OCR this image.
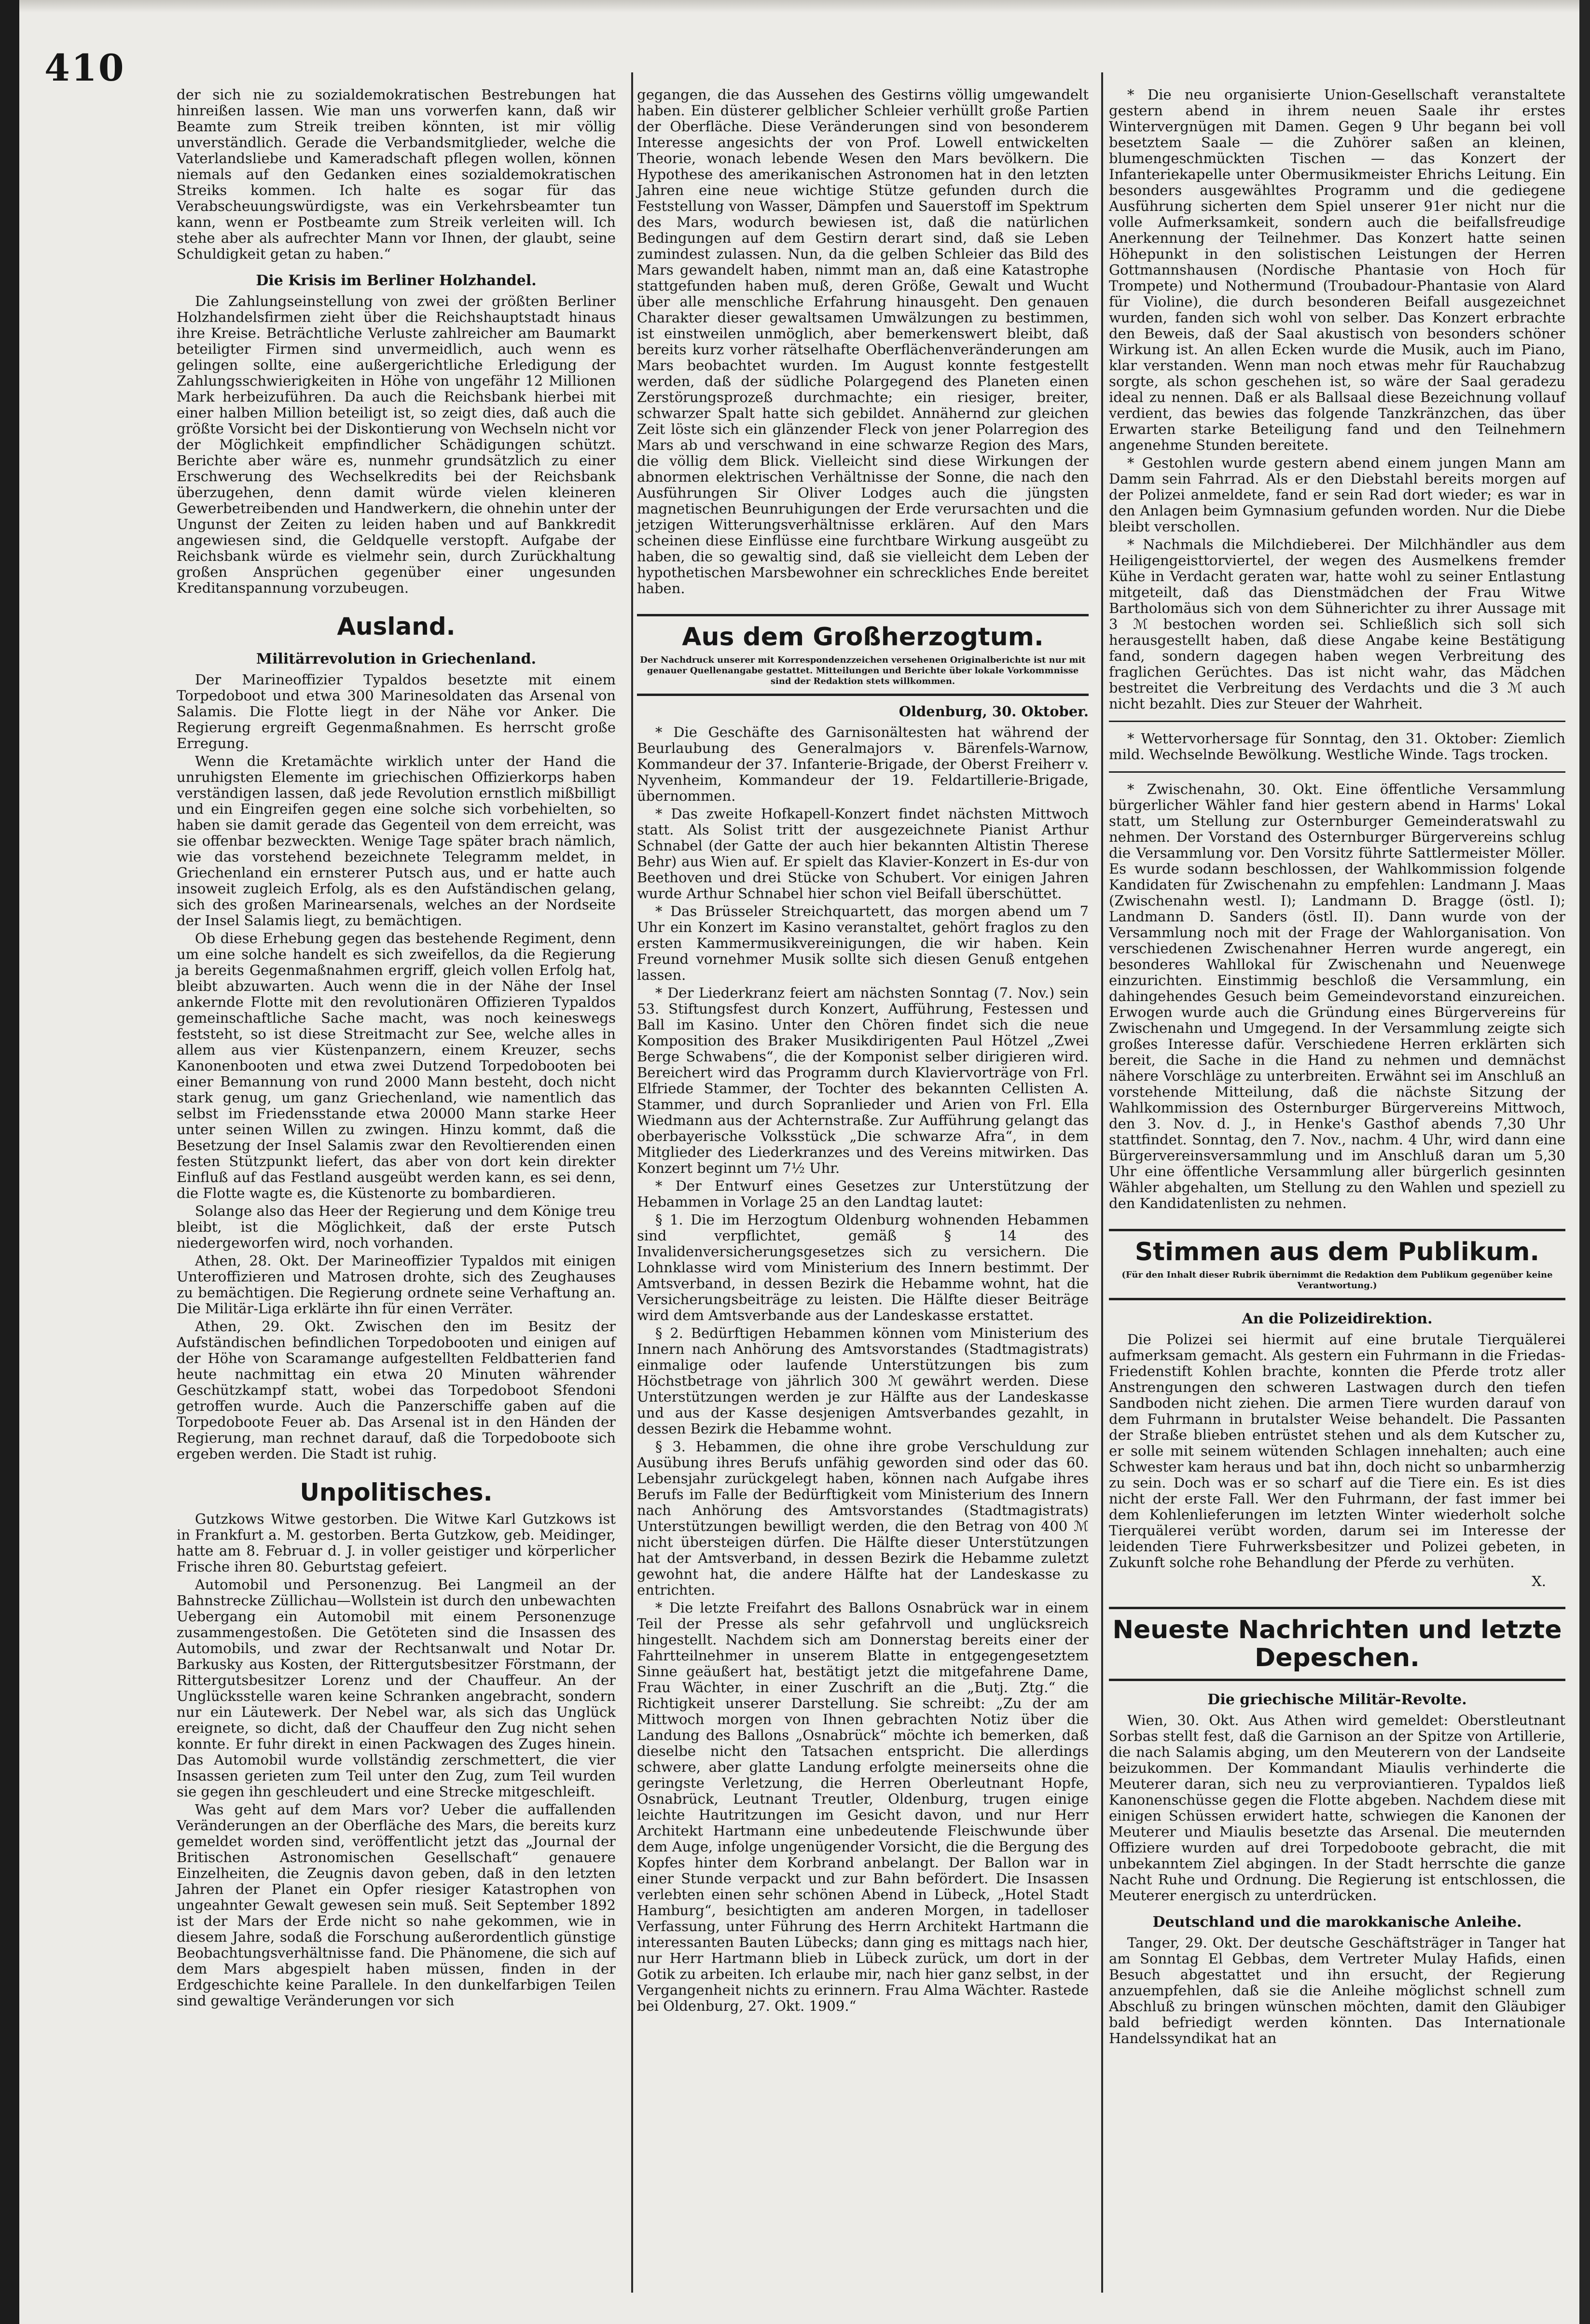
410

der sich nie zu sozialdemokratischen Bestrebungen hat hinreißen lassen. Wie man uns vorwerfen kann, daß wir Beamte zum Streik treiben könnten, ist mir völlig unverständlich. Gerade die Verbandsmitglieder, welche die Vaterlandsliebe und Kameradschaft pflegen wollen, können niemals auf den Gedanken eines sozialdemokratischen Streiks kommen. Ich halte es sogar für das Verabscheuungswürdigste, was ein Verkehrsbeamter tun kann, wenn er Postbeamte zum Streik verleiten will. Ich stehe aber als aufrechter Mann vor Ihnen, der glaubt, seine Schuldigkeit getan zu haben.“

Die Krisis im Berliner Holzhandel.

Die Zahlungseinstellung von zwei der größten Berliner Holzhandelsfirmen zieht über die Reichshauptstadt hinaus ihre Kreise. Beträchtliche Verluste zahlreicher am Baumarkt beteiligter Firmen sind unvermeidlich, auch wenn es gelingen sollte, eine außergerichtliche Erledigung der Zahlungsschwierigkeiten in Höhe von ungefähr 12 Millionen Mark herbeizuführen. Da auch die Reichsbank hierbei mit einer halben Million beteiligt ist, so zeigt dies, daß auch die größte Vorsicht bei der Diskontierung von Wechseln nicht vor der Möglichkeit empfindlicher Schädigungen schützt. Berichte aber wäre es, nunmehr grundsätzlich zu einer Erschwerung des Wechselkredits bei der Reichsbank überzugehen, denn damit würde vielen kleineren Gewerbetreibenden und Handwerkern, die ohnehin unter der Ungunst der Zeiten zu leiden haben und auf Bankkredit angewiesen sind, die Geldquelle verstopft. Aufgabe der Reichsbank würde es vielmehr sein, durch Zurückhaltung großen Ansprüchen gegenüber einer ungesunden Kreditanspannung vorzubeugen.

Ausland.
Militärrevolution in Griechenland.

Der Marineoffizier Typaldos besetzte mit einem Torpedoboot und etwa 300 Marinesoldaten das Arsenal von Salamis. Die Flotte liegt in der Nähe vor Anker. Die Regierung ergreift Gegenmaßnahmen. Es herrscht große Erregung.

Wenn die Kretamächte wirklich unter der Hand die unruhigsten Elemente im griechischen Offizierkorps haben verständigen lassen, daß jede Revolution ernstlich mißbilligt und ein Eingreifen gegen eine solche sich vorbehielten, so haben sie damit gerade das Gegenteil von dem erreicht, was sie offenbar bezweckten. Wenige Tage später brach nämlich, wie das vorstehend bezeichnete Telegramm meldet, in Griechenland ein ernsterer Putsch aus, und er hatte auch insoweit zugleich Erfolg, als es den Aufständischen gelang, sich des großen Marinearsenals, welches an der Nordseite der Insel Salamis liegt, zu bemächtigen.

Ob diese Erhebung gegen das bestehende Regiment, denn um eine solche handelt es sich zweifellos, da die Regierung ja bereits Gegenmaßnahmen ergriff, gleich vollen Erfolg hat, bleibt abzuwarten. Auch wenn die in der Nähe der Insel ankernde Flotte mit den revolutionären Offizieren Typaldos gemeinschaftliche Sache macht, was noch keineswegs feststeht, so ist diese Streitmacht zur See, welche alles in allem aus vier Küstenpanzern, einem Kreuzer, sechs Kanonenbooten und etwa zwei Dutzend Torpedobooten bei einer Bemannung von rund 2000 Mann besteht, doch nicht stark genug, um ganz Griechenland, wie namentlich das selbst im Friedensstande etwa 20000 Mann starke Heer unter seinen Willen zu zwingen. Hinzu kommt, daß die Besetzung der Insel Salamis zwar den Revoltierenden einen festen Stützpunkt liefert, das aber von dort kein direkter Einfluß auf das Festland ausgeübt werden kann, es sei denn, die Flotte wagte es, die Küstenorte zu bombardieren.

Solange also das Heer der Regierung und dem Könige treu bleibt, ist die Möglichkeit, daß der erste Putsch niedergeworfen wird, noch vorhanden.

Athen, 28. Okt. Der Marineoffizier Typaldos mit einigen Unteroffizieren und Matrosen drohte, sich des Zeughauses zu bemächtigen. Die Regierung ordnete seine Verhaftung an. Die Militär-Liga erklärte ihn für einen Verräter.

Athen, 29. Okt. Zwischen den im Besitz der Aufständischen befindlichen Torpedobooten und einigen auf der Höhe von Scaramange aufgestellten Feldbatterien fand heute nachmittag ein etwa 20 Minuten währender Geschützkampf statt, wobei das Torpedoboot Sfendoni getroffen wurde. Auch die Panzerschiffe gaben auf die Torpedoboote Feuer ab. Das Arsenal ist in den Händen der Regierung, man rechnet darauf, daß die Torpedoboote sich ergeben werden. Die Stadt ist ruhig.

Unpolitisches.

Gutzkows Witwe gestorben. Die Witwe Karl Gutzkows ist in Frankfurt a. M. gestorben. Berta Gutzkow, geb. Meidinger, hatte am 8. Februar d. J. in voller geistiger und körperlicher Frische ihren 80. Geburtstag gefeiert.

Automobil und Personenzug. Bei Langmeil an der Bahnstrecke Züllichau—Wollstein ist durch den unbewachten Uebergang ein Automobil mit einem Personenzuge zusammengestoßen. Die Getöteten sind die Insassen des Automobils, und zwar der Rechtsanwalt und Notar Dr. Barkusky aus Kosten, der Rittergutsbesitzer Förstmann, der Rittergutsbesitzer Lorenz und der Chauffeur. An der Unglücksstelle waren keine Schranken angebracht, sondern nur ein Läutewerk. Der Nebel war, als sich das Unglück ereignete, so dicht, daß der Chauffeur den Zug nicht sehen konnte. Er fuhr direkt in einen Packwagen des Zuges hinein. Das Automobil wurde vollständig zerschmettert, die vier Insassen gerieten zum Teil unter den Zug, zum Teil wurden sie gegen ihn geschleudert und eine Strecke mitgeschleift.

Was geht auf dem Mars vor? Ueber die auffallenden Veränderungen an der Oberfläche des Mars, die bereits kurz gemeldet worden sind, veröffentlicht jetzt das „Journal der Britischen Astronomischen Gesellschaft“ genauere Einzelheiten, die Zeugnis davon geben, daß in den letzten Jahren der Planet ein Opfer riesiger Katastrophen von ungeahnter Gewalt gewesen sein muß. Seit September 1892 ist der Mars der Erde nicht so nahe gekommen, wie in diesem Jahre, sodaß die Forschung außerordentlich günstige Beobachtungsverhältnisse fand. Die Phänomene, die sich auf dem Mars abgespielt haben müssen, finden in der Erdgeschichte keine Parallele. In den dunkelfarbigen Teilen sind gewaltige Veränderungen vor sich

gegangen, die das Aussehen des Gestirns völlig umgewandelt haben. Ein düsterer gelblicher Schleier verhüllt große Partien der Oberfläche. Diese Veränderungen sind von besonderem Interesse angesichts der von Prof. Lowell entwickelten Theorie, wonach lebende Wesen den Mars bevölkern. Die Hypothese des amerikanischen Astronomen hat in den letzten Jahren eine neue wichtige Stütze gefunden durch die Feststellung von Wasser, Dämpfen und Sauerstoff im Spektrum des Mars, wodurch bewiesen ist, daß die natürlichen Bedingungen auf dem Gestirn derart sind, daß sie Leben zumindest zulassen. Nun, da die gelben Schleier das Bild des Mars gewandelt haben, nimmt man an, daß eine Katastrophe stattgefunden haben muß, deren Größe, Gewalt und Wucht über alle menschliche Erfahrung hinausgeht. Den genauen Charakter dieser gewaltsamen Umwälzungen zu bestimmen, ist einstweilen unmöglich, aber bemerkenswert bleibt, daß bereits kurz vorher rätselhafte Oberflächenveränderungen am Mars beobachtet wurden. Im August konnte festgestellt werden, daß der südliche Polargegend des Planeten einen Zerstörungsprozeß durchmachte; ein riesiger, breiter, schwarzer Spalt hatte sich gebildet. Annähernd zur gleichen Zeit löste sich ein glänzender Fleck von jener Polarregion des Mars ab und verschwand in eine schwarze Region des Mars, die völlig dem Blick. Vielleicht sind diese Wirkungen der abnormen elektrischen Verhältnisse der Sonne, die nach den Ausführungen Sir Oliver Lodges auch die jüngsten magnetischen Beunruhigungen der Erde verursachten und die jetzigen Witterungsverhältnisse erklären. Auf den Mars scheinen diese Einflüsse eine furchtbare Wirkung ausgeübt zu haben, die so gewaltig sind, daß sie vielleicht dem Leben der hypothetischen Marsbewohner ein schreckliches Ende bereitet haben.

Aus dem Großherzogtum.
Der Nachdruck unserer mit Korrespondenzzeichen versehenen Originalberichte ist nur mit genauer Quellenangabe gestattet. Mitteilungen und Berichte über lokale Vorkommnisse sind der Redaktion stets willkommen.
Oldenburg, 30. Oktober.

* Die Geschäfte des Garnisonältesten hat während der Beurlaubung des Generalmajors v. Bärenfels-Warnow, Kommandeur der 37. Infanterie-Brigade, der Oberst Freiherr v. Nyvenheim, Kommandeur der 19. Feldartillerie-Brigade, übernommen.

* Das zweite Hofkapell-Konzert findet nächsten Mittwoch statt. Als Solist tritt der ausgezeichnete Pianist Arthur Schnabel (der Gatte der auch hier bekannten Altistin Therese Behr) aus Wien auf. Er spielt das Klavier-Konzert in Es-dur von Beethoven und drei Stücke von Schubert. Vor einigen Jahren wurde Arthur Schnabel hier schon viel Beifall überschüttet.

* Das Brüsseler Streichquartett, das morgen abend um 7 Uhr ein Konzert im Kasino veranstaltet, gehört fraglos zu den ersten Kammermusikvereinigungen, die wir haben. Kein Freund vornehmer Musik sollte sich diesen Genuß entgehen lassen.

* Der Liederkranz feiert am nächsten Sonntag (7. Nov.) sein 53. Stiftungsfest durch Konzert, Aufführung, Festessen und Ball im Kasino. Unter den Chören findet sich die neue Komposition des Braker Musikdirigenten Paul Hötzel „Zwei Berge Schwabens“, die der Komponist selber dirigieren wird. Bereichert wird das Programm durch Klaviervorträge von Frl. Elfriede Stammer, der Tochter des bekannten Cellisten A. Stammer, und durch Sopranlieder und Arien von Frl. Ella Wiedmann aus der Achternstraße. Zur Aufführung gelangt das oberbayerische Volksstück „Die schwarze Afra“, in dem Mitglieder des Liederkranzes und des Vereins mitwirken. Das Konzert beginnt um 7½ Uhr.

* Der Entwurf eines Gesetzes zur Unterstützung der Hebammen in Vorlage 25 an den Landtag lautet:

§ 1. Die im Herzogtum Oldenburg wohnenden Hebammen sind verpflichtet, gemäß § 14 des Invalidenversicherungsgesetzes sich zu versichern. Die Lohnklasse wird vom Ministerium des Innern bestimmt. Der Amtsverband, in dessen Bezirk die Hebamme wohnt, hat die Versicherungsbeiträge zu leisten. Die Hälfte dieser Beiträge wird dem Amtsverbande aus der Landeskasse erstattet.

§ 2. Bedürftigen Hebammen können vom Ministerium des Innern nach Anhörung des Amtsvorstandes (Stadtmagistrats) einmalige oder laufende Unterstützungen bis zum Höchstbetrage von jährlich 300 ℳ gewährt werden. Diese Unterstützungen werden je zur Hälfte aus der Landeskasse und aus der Kasse desjenigen Amtsverbandes gezahlt, in dessen Bezirk die Hebamme wohnt.

§ 3. Hebammen, die ohne ihre grobe Verschuldung zur Ausübung ihres Berufs unfähig geworden sind oder das 60. Lebensjahr zurückgelegt haben, können nach Aufgabe ihres Berufs im Falle der Bedürftigkeit vom Ministerium des Innern nach Anhörung des Amtsvorstandes (Stadtmagistrats) Unterstützungen bewilligt werden, die den Betrag von 400 ℳ nicht übersteigen dürfen. Die Hälfte dieser Unterstützungen hat der Amtsverband, in dessen Bezirk die Hebamme zuletzt gewohnt hat, die andere Hälfte hat der Landeskasse zu entrichten.

* Die letzte Freifahrt des Ballons Osnabrück war in einem Teil der Presse als sehr gefahrvoll und unglücksreich hingestellt. Nachdem sich am Donnerstag bereits einer der Fahrtteilnehmer in unserem Blatte in entgegengesetztem Sinne geäußert hat, bestätigt jetzt die mitgefahrene Dame, Frau Wächter, in einer Zuschrift an die „Butj. Ztg.“ die Richtigkeit unserer Darstellung. Sie schreibt: „Zu der am Mittwoch morgen von Ihnen gebrachten Notiz über die Landung des Ballons „Osnabrück“ möchte ich bemerken, daß dieselbe nicht den Tatsachen entspricht. Die allerdings schwere, aber glatte Landung erfolgte meinerseits ohne die geringste Verletzung, die Herren Oberleutnant Hopfe, Osnabrück, Leutnant Treutler, Oldenburg, trugen einige leichte Hautritzungen im Gesicht davon, und nur Herr Architekt Hartmann eine unbedeutende Fleischwunde über dem Auge, infolge ungenügender Vorsicht, die die Bergung des Kopfes hinter dem Korbrand anbelangt. Der Ballon war in einer Stunde verpackt und zur Bahn befördert. Die Insassen verlebten einen sehr schönen Abend in Lübeck, „Hotel Stadt Hamburg“, besichtigten am anderen Morgen, in tadelloser Verfassung, unter Führung des Herrn Architekt Hartmann die interessanten Bauten Lübecks; dann ging es mittags nach hier, nur Herr Hartmann blieb in Lübeck zurück, um dort in der Gotik zu arbeiten. Ich erlaube mir, nach hier ganz selbst, in der Vergangenheit nichts zu erinnern. Frau Alma Wächter. Rastede bei Oldenburg, 27. Okt. 1909.“

* Die neu organisierte Union-Gesellschaft veranstaltete gestern abend in ihrem neuen Saale ihr erstes Wintervergnügen mit Damen. Gegen 9 Uhr begann bei voll besetztem Saale — die Zuhörer saßen an kleinen, blumengeschmückten Tischen — das Konzert der Infanteriekapelle unter Obermusikmeister Ehrichs Leitung. Ein besonders ausgewähltes Programm und die gediegene Ausführung sicherten dem Spiel unserer 91er nicht nur die volle Aufmerksamkeit, sondern auch die beifallsfreudige Anerkennung der Teilnehmer. Das Konzert hatte seinen Höhepunkt in den solistischen Leistungen der Herren Gottmannshausen (Nordische Phantasie von Hoch für Trompete) und Nothermund (Troubadour-Phantasie von Alard für Violine), die durch besonderen Beifall ausgezeichnet wurden, fanden sich wohl von selber. Das Konzert erbrachte den Beweis, daß der Saal akustisch von besonders schöner Wirkung ist. An allen Ecken wurde die Musik, auch im Piano, klar verstanden. Wenn man noch etwas mehr für Rauchabzug sorgte, als schon geschehen ist, so wäre der Saal geradezu ideal zu nennen. Daß er als Ballsaal diese Bezeichnung vollauf verdient, das bewies das folgende Tanzkränzchen, das über Erwarten starke Beteiligung fand und den Teilnehmern angenehme Stunden bereitete.

* Gestohlen wurde gestern abend einem jungen Mann am Damm sein Fahrrad. Als er den Diebstahl bereits morgen auf der Polizei anmeldete, fand er sein Rad dort wieder; es war in den Anlagen beim Gymnasium gefunden worden. Nur die Diebe bleibt verschollen.

* Nachmals die Milchdieberei. Der Milchhändler aus dem Heiligengeisttorviertel, der wegen des Ausmelkens fremder Kühe in Verdacht geraten war, hatte wohl zu seiner Entlastung mitgeteilt, daß das Dienstmädchen der Frau Witwe Bartholomäus sich von dem Sühnerichter zu ihrer Aussage mit 3 ℳ bestochen worden sei. Schließlich sich soll sich herausgestellt haben, daß diese Angabe keine Bestätigung fand, sondern dagegen haben wegen Verbreitung des fraglichen Gerüchtes. Das ist nicht wahr, das Mädchen bestreitet die Verbreitung des Verdachts und die 3 ℳ auch nicht bezahlt. Dies zur Steuer der Wahrheit.

* Wettervorhersage für Sonntag, den 31. Oktober: Ziemlich mild. Wechselnde Bewölkung. Westliche Winde. Tags trocken.

* Zwischenahn, 30. Okt. Eine öffentliche Versammlung bürgerlicher Wähler fand hier gestern abend in Harms' Lokal statt, um Stellung zur Osternburger Gemeinderatswahl zu nehmen. Der Vorstand des Osternburger Bürgervereins schlug die Versammlung vor. Den Vorsitz führte Sattlermeister Möller. Es wurde sodann beschlossen, der Wahlkommission folgende Kandidaten für Zwischenahn zu empfehlen: Landmann J. Maas (Zwischenahn westl. I); Landmann D. Bragge (östl. I); Landmann D. Sanders (östl. II). Dann wurde von der Versammlung noch mit der Frage der Wahlorganisation. Von verschiedenen Zwischenahner Herren wurde angeregt, ein besonderes Wahllokal für Zwischenahn und Neuenwege einzurichten. Einstimmig beschloß die Versammlung, ein dahingehendes Gesuch beim Gemeindevorstand einzureichen. Erwogen wurde auch die Gründung eines Bürgervereins für Zwischenahn und Umgegend. In der Versammlung zeigte sich großes Interesse dafür. Verschiedene Herren erklärten sich bereit, die Sache in die Hand zu nehmen und demnächst nähere Vorschläge zu unterbreiten. Erwähnt sei im Anschluß an vorstehende Mitteilung, daß die nächste Sitzung der Wahlkommission des Osternburger Bürgervereins Mittwoch, den 3. Nov. d. J., in Henke's Gasthof abends 7,30 Uhr stattfindet. Sonntag, den 7. Nov., nachm. 4 Uhr, wird dann eine Bürgervereinsversammlung und im Anschluß daran um 5,30 Uhr eine öffentliche Versammlung aller bürgerlich gesinnten Wähler abgehalten, um Stellung zu den Wahlen und speziell zu den Kandidatenlisten zu nehmen.

Stimmen aus dem Publikum.
(Für den Inhalt dieser Rubrik übernimmt die Redaktion dem Publikum gegenüber keine Verantwortung.)
An die Polizeidirektion.

Die Polizei sei hiermit auf eine brutale Tierquälerei aufmerksam gemacht. Als gestern ein Fuhrmann in die Friedas-Friedenstift Kohlen brachte, konnten die Pferde trotz aller Anstrengungen den schweren Lastwagen durch den tiefen Sandboden nicht ziehen. Die armen Tiere wurden darauf von dem Fuhrmann in brutalster Weise behandelt. Die Passanten der Straße blieben entrüstet stehen und als dem Kutscher zu, er solle mit seinem wütenden Schlagen innehalten; auch eine Schwester kam heraus und bat ihn, doch nicht so unbarmherzig zu sein. Doch was er so scharf auf die Tiere ein. Es ist dies nicht der erste Fall. Wer den Fuhrmann, der fast immer bei dem Kohlenlieferungen im letzten Winter wiederholt solche Tierquälerei verübt worden, darum sei im Interesse der leidenden Tiere Fuhrwerksbesitzer und Polizei gebeten, in Zukunft solche rohe Behandlung der Pferde zu verhüten.

X.
Neueste Nachrichten und letzte Depeschen.
Die griechische Militär-Revolte.

Wien, 30. Okt. Aus Athen wird gemeldet: Oberstleutnant Sorbas stellt fest, daß die Garnison an der Spitze von Artillerie, die nach Salamis abging, um den Meuterern von der Landseite beizukommen. Der Kommandant Miaulis verhinderte die Meuterer daran, sich neu zu verproviantieren. Typaldos ließ Kanonenschüsse gegen die Flotte abgeben. Nachdem diese mit einigen Schüssen erwidert hatte, schwiegen die Kanonen der Meuterer und Miaulis besetzte das Arsenal. Die meuternden Offiziere wurden auf drei Torpedoboote gebracht, die mit unbekanntem Ziel abgingen. In der Stadt herrschte die ganze Nacht Ruhe und Ordnung. Die Regierung ist entschlossen, die Meuterer energisch zu unterdrücken.

Deutschland und die marokkanische Anleihe.

Tanger, 29. Okt. Der deutsche Geschäftsträger in Tanger hat am Sonntag El Gebbas, dem Vertreter Mulay Hafids, einen Besuch abgestattet und ihn ersucht, der Regierung anzuempfehlen, daß sie die Anleihe möglichst schnell zum Abschluß zu bringen wünschen möchten, damit den Gläubiger bald befriedigt werden könnten. Das Internationale Handelssyndikat hat an
